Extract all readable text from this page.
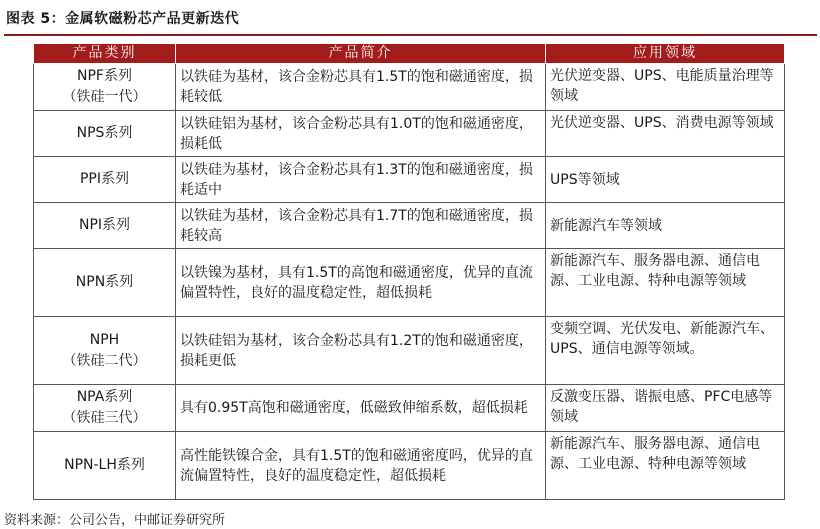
图表 5：金属软磁粉芯产品更新迭代
产品类别	产品简介	应用领域

NPF系列
（铁硅一代）	以铁硅为基材，该合金粉芯具有1.5T的饱和磁通密度，损耗较低	光伏逆变器、UPS、电能质量治理等领域

NPS系列	以铁硅铝为基材，该合金粉芯具有1.0T的饱和磁通密度，损耗低	光伏逆变器、UPS、消费电源等领域

PPI系列	以铁硅为基材，该合金粉芯具有1.3T的饱和磁通密度，损耗适中	UPS等领域

NPI系列	以铁硅为基材，该合金粉芯具有1.7T的饱和磁通密度，损耗较高	新能源汽车等领域

NPN系列	以铁镍为基材，具有1.5T的高饱和磁通密度，优异的直流偏置特性，良好的温度稳定性，超低损耗	新能源汽车、服务器电源、通信电源、工业电源、特种电源等领域

NPH
（铁硅二代）	以铁硅铝为基材，该合金粉芯具有1.2T的饱和磁通密度，损耗更低	变频空调、光伏发电、新能源汽车、UPS、通信电源等领域。

NPA系列
（铁硅三代）	具有0.95T高饱和磁通密度，低磁致伸缩系数，超低损耗	反激变压器、谐振电感、PFC电感等领域

NPN-LH系列	高性能铁镍合金，具有1.5T的饱和磁通密度吗，优异的直流偏置特性，良好的温度稳定性，超低损耗	新能源汽车、服务器电源、通信电源、工业电源、特种电源等领域
资料来源：公司公告，中邮证券研究所
